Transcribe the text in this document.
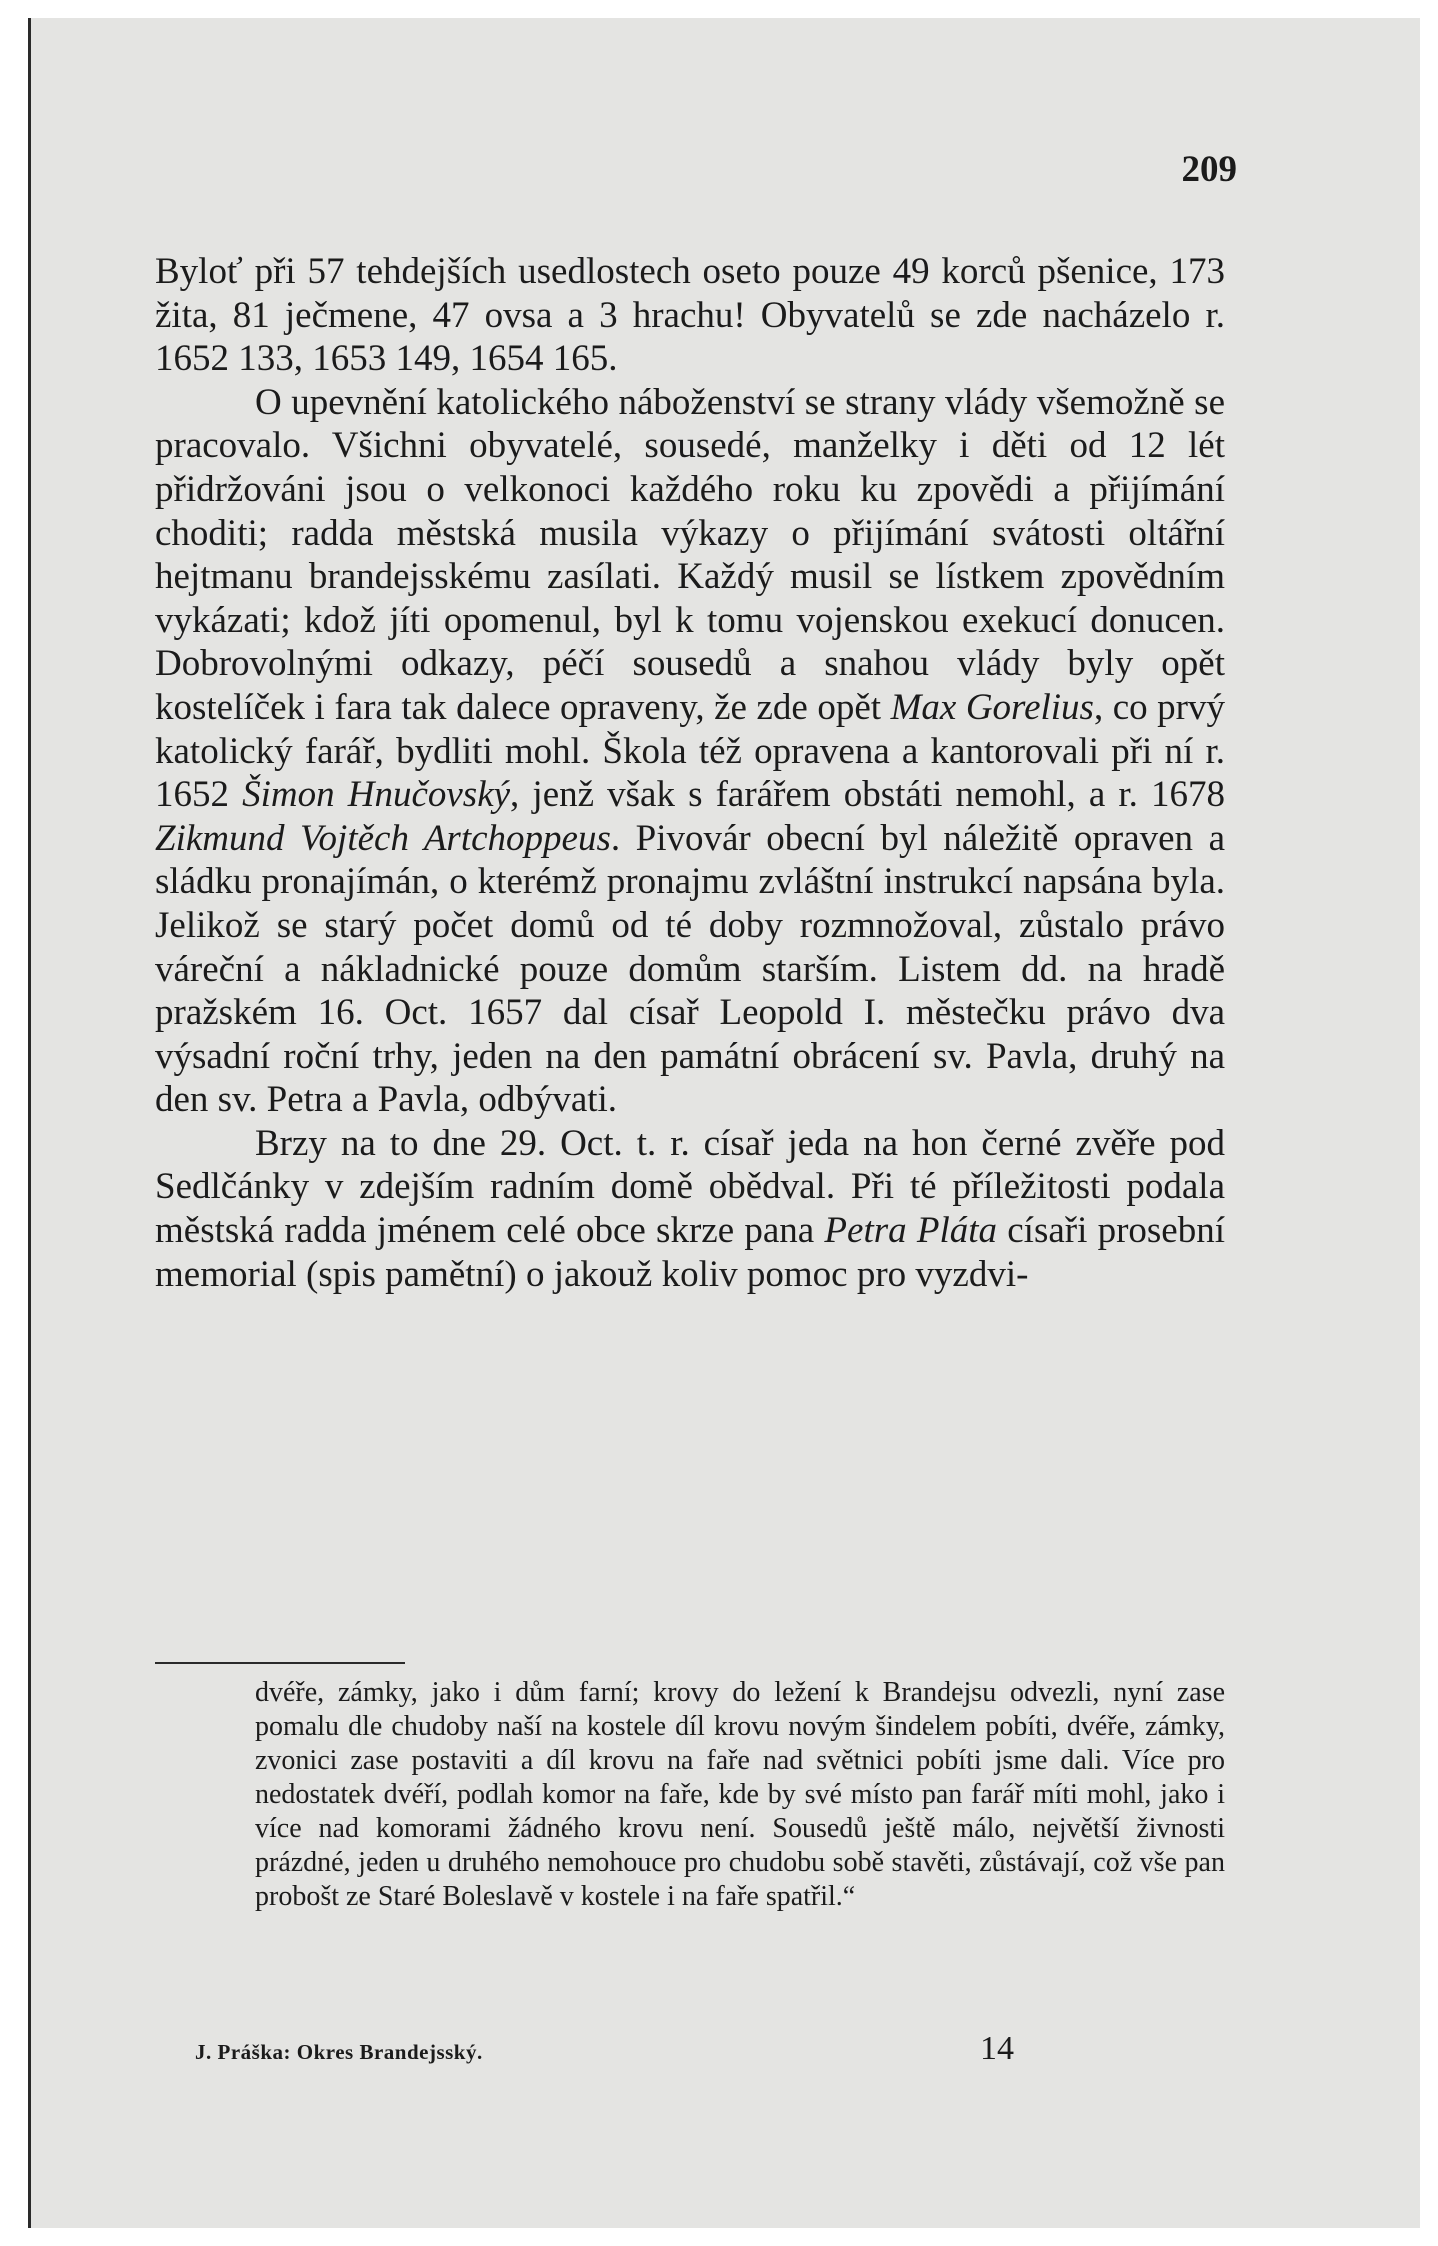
209

Byloť při 57 tehdejších usedlostech oseto pouze 49 korců pšenice, 173 žita, 81 ječmene, 47 ovsa a 3 hrachu! Obyvatelů se zde nacházelo r. 1652 133, 1653 149, 1654 165.

O upevnění katolického náboženství se strany vlády všemožně se pracovalo. Všichni obyvatelé, sousedé, manželky i děti od 12 lét přidržováni jsou o velkonoci každého roku ku zpovědi a přijímání choditi; radda městská musila výkazy o přijímání svátosti oltářní hejtmanu brandejsskému zasílati. Každý musil se lístkem zpovědním vykázati; kdož jíti opomenul, byl k tomu vojenskou exekucí donucen. Dobrovolnými odkazy, péčí sousedů a snahou vlády byly opět kostelíček i fara tak dalece opraveny, že zde opět Max Gorelius, co prvý katolický farář, bydliti mohl. Škola též opravena a kantorovali při ní r. 1652 Šimon Hnučovský, jenž však s farářem obstáti nemohl, a r. 1678 Zikmund Vojtěch Artchoppeus. Pivovár obecní byl náležitě opraven a sládku pronajímán, o kterémž pronajmu zvláštní instrukcí napsána byla. Jelikož se starý počet domů od té doby rozmnožoval, zůstalo právo váreční a nákladnické pouze domům starším. Listem dd. na hradě pražském 16. Oct. 1657 dal císař Leopold I. městečku právo dva výsadní roční trhy, jeden na den památní obrácení sv. Pavla, druhý na den sv. Petra a Pavla, odbývati.

Brzy na to dne 29. Oct. t. r. císař jeda na hon černé zvěře pod Sedlčánky v zdejším radním domě obědval. Při té příležitosti podala městská radda jménem celé obce skrze pana Petra Pláta císaři prosební memorial (spis pamětní) o jakouž koliv pomoc pro vyzdvi-

dvéře, zámky, jako i dům farní; krovy do ležení k Brandejsu odvezli, nyní zase pomalu dle chudoby naší na kostele díl krovu novým šindelem pobíti, dvéře, zámky, zvonici zase postaviti a díl krovu na faře nad světnici pobíti jsme dali. Více pro nedostatek dvéří, podlah komor na faře, kde by své místo pan farář míti mohl, jako i více nad komorami žádného krovu není. Sousedů ještě málo, největší živnosti prázdné, jeden u druhého nemohouce pro chudobu sobě stavěti, zůstávají, což vše pan probošt ze Staré Boleslavě v kostele i na faře spatřil.“

J. Práška: Okres Brandejsský.	14
